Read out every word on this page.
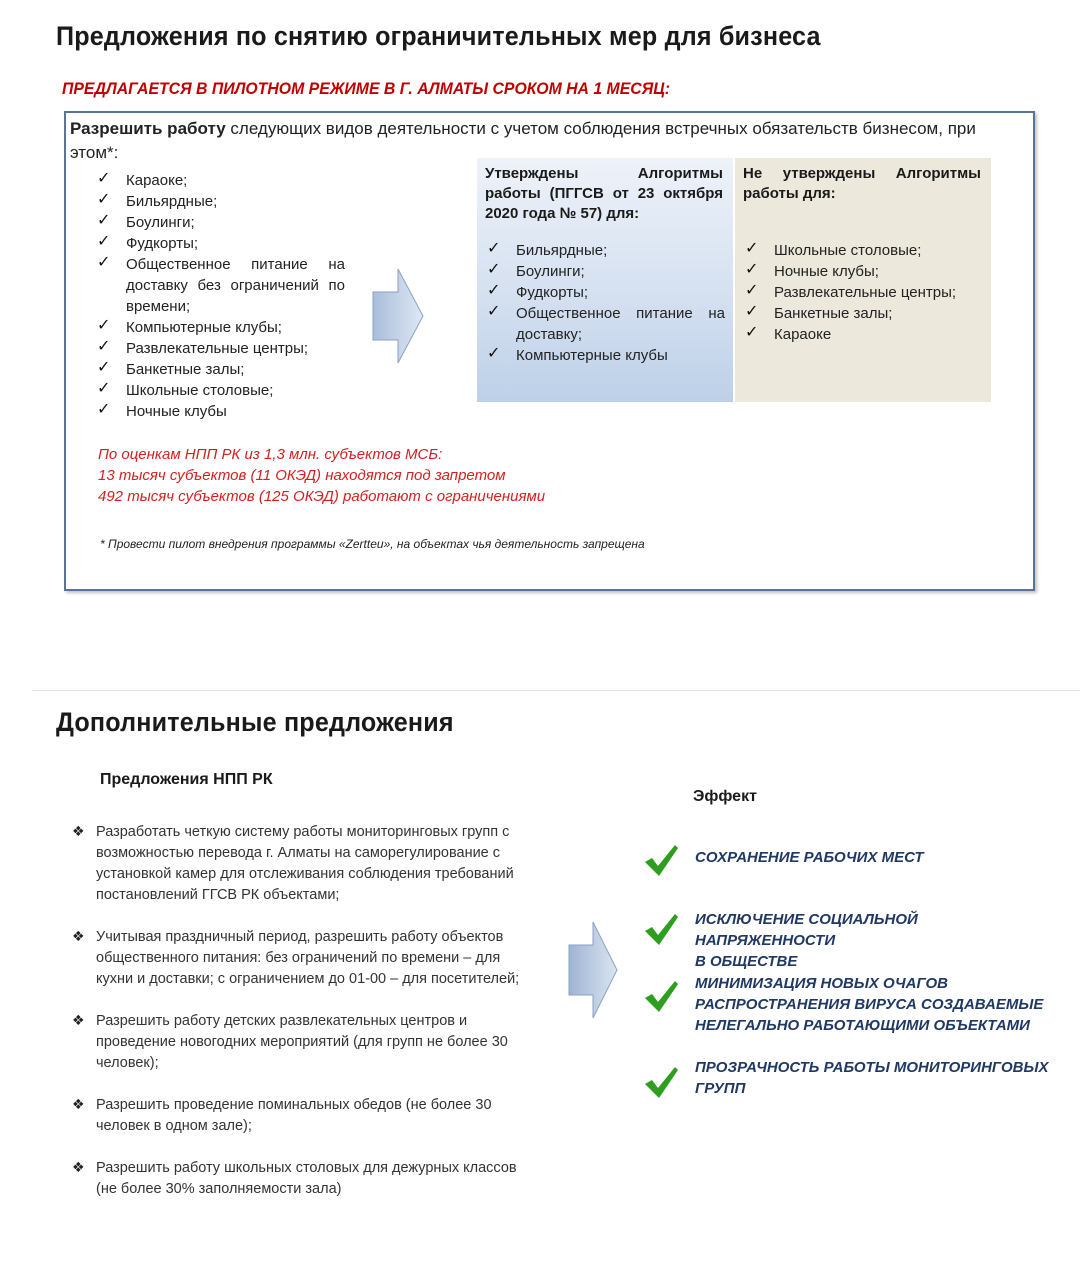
Предложения по снятию ограничительных мер для бизнеса
ПРЕДЛАГАЕТСЯ В ПИЛОТНОМ РЕЖИМЕ В Г. АЛМАТЫ СРОКОМ НА 1 МЕСЯЦ:
Разрешить работу следующих видов деятельности с учетом соблюдения встречных обязательств бизнесом, при этом*:
✓ Караоке;
✓ Бильярдные;
✓ Боулинги;
✓ Фудкорты;
✓ Общественное питание на доставку без ограничений по времени;
✓ Компьютерные клубы;
✓ Развлекательные центры;
✓ Банкетные залы;
✓ Школьные столовые;
✓ Ночные клубы
Утверждены Алгоритмы работы (ПГГСВ от 23 октября 2020 года № 57) для:
✓ Бильярдные;
✓ Боулинги;
✓ Фудкорты;
✓ Общественное питание на доставку;
✓ Компьютерные клубы
Не утверждены Алгоритмы работы для:
✓ Школьные столовые;
✓ Ночные клубы;
✓ Развлекательные центры;
✓ Банкетные залы;
✓ Караоке
По оценкам НПП РК из 1,3 млн. субъектов МСБ:
13 тысяч субъектов (11 ОКЭД) находятся под запретом
492 тысяч субъектов (125 ОКЭД) работают с ограничениями
* Провести пилот внедрения программы «Zertteu», на объектах чья деятельность запрещена
Дополнительные предложения
Предложения НПП РК
Эффект
❖ Разработать четкую систему работы мониторинговых групп с возможностью перевода г. Алматы на саморегулирование с установкой камер для отслеживания соблюдения требований постановлений ГГСВ РК объектами;
❖ Учитывая праздничный период, разрешить работу объектов общественного питания: без ограничений по времени – для кухни и доставки; с ограничением до 01-00 – для посетителей;
❖ Разрешить работу детских развлекательных центров и проведение новогодних мероприятий (для групп не более 30 человек);
❖ Разрешить проведение поминальных обедов (не более 30 человек в одном зале);
❖ Разрешить работу школьных столовых для дежурных классов (не более 30% заполняемости зала)
СОХРАНЕНИЕ РАБОЧИХ МЕСТ
ИСКЛЮЧЕНИЕ СОЦИАЛЬНОЙ НАПРЯЖЕННОСТИ
В ОБЩЕСТВЕ
МИНИМИЗАЦИЯ НОВЫХ ОЧАГОВ
РАСПРОСТРАНЕНИЯ ВИРУСА СОЗДАВАЕМЫЕ
НЕЛЕГАЛЬНО РАБОТАЮЩИМИ ОБЪЕКТАМИ
ПРОЗРАЧНОСТЬ РАБОТЫ МОНИТОРИНГОВЫХ
ГРУПП
